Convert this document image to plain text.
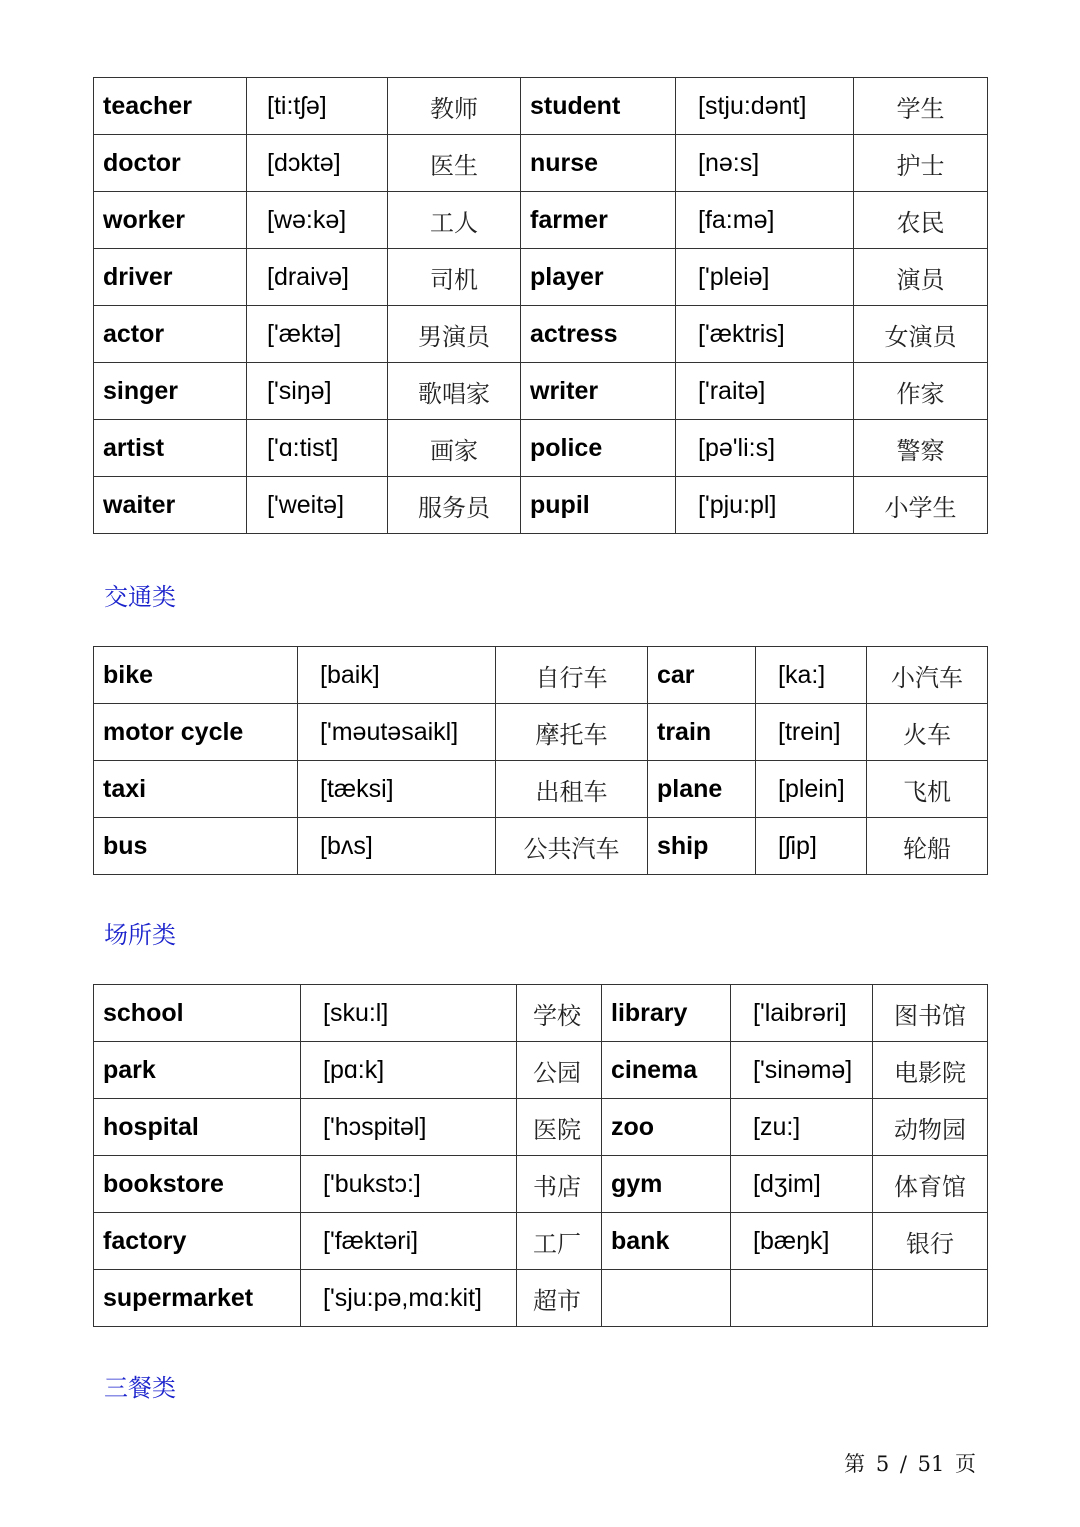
teacher	[ti:tʃə]	教师	student	[stju:dənt]	学生
doctor	[dɔktə]	医生	nurse	[nə:s]	护士
worker	[wə:kə]	工人	farmer	[fa:mə]	农民
driver	[draivə]	司机	player	['pleiə]	演员
actor	['æktə]	男演员	actress	['æktris]	女演员
singer	['siŋə]	歌唱家	writer	['raitə]	作家
artist	['ɑ:tist]	画家	police	[pə'li:s]	警察
waiter	['weitə]	服务员	pupil	['pju:pl]	小学生
交通类
bike	[baik]	自行车	car	[ka:]	小汽车
motor cycle	['məutəsaikl]	摩托车	train	[trein]	火车
taxi	[tæksi]	出租车	plane	[plein]	飞机
bus	[bʌs]	公共汽车	ship	[ʃip]	轮船
场所类
school	[sku:l]	学校	library	['laibrəri]	图书馆
park	[pɑ:k]	公园	cinema	['sinəmə]	电影院
hospital	['hɔspitəl]	医院	zoo	[zu:]	动物园
bookstore	['bukstɔ:]	书店	gym	[dʒim]	体育馆
factory	['fæktəri]	工厂	bank	[bæŋk]	银行
supermarket	['sju:pə,mɑ:kit]	超市			
三餐类
第 5 / 51 页
